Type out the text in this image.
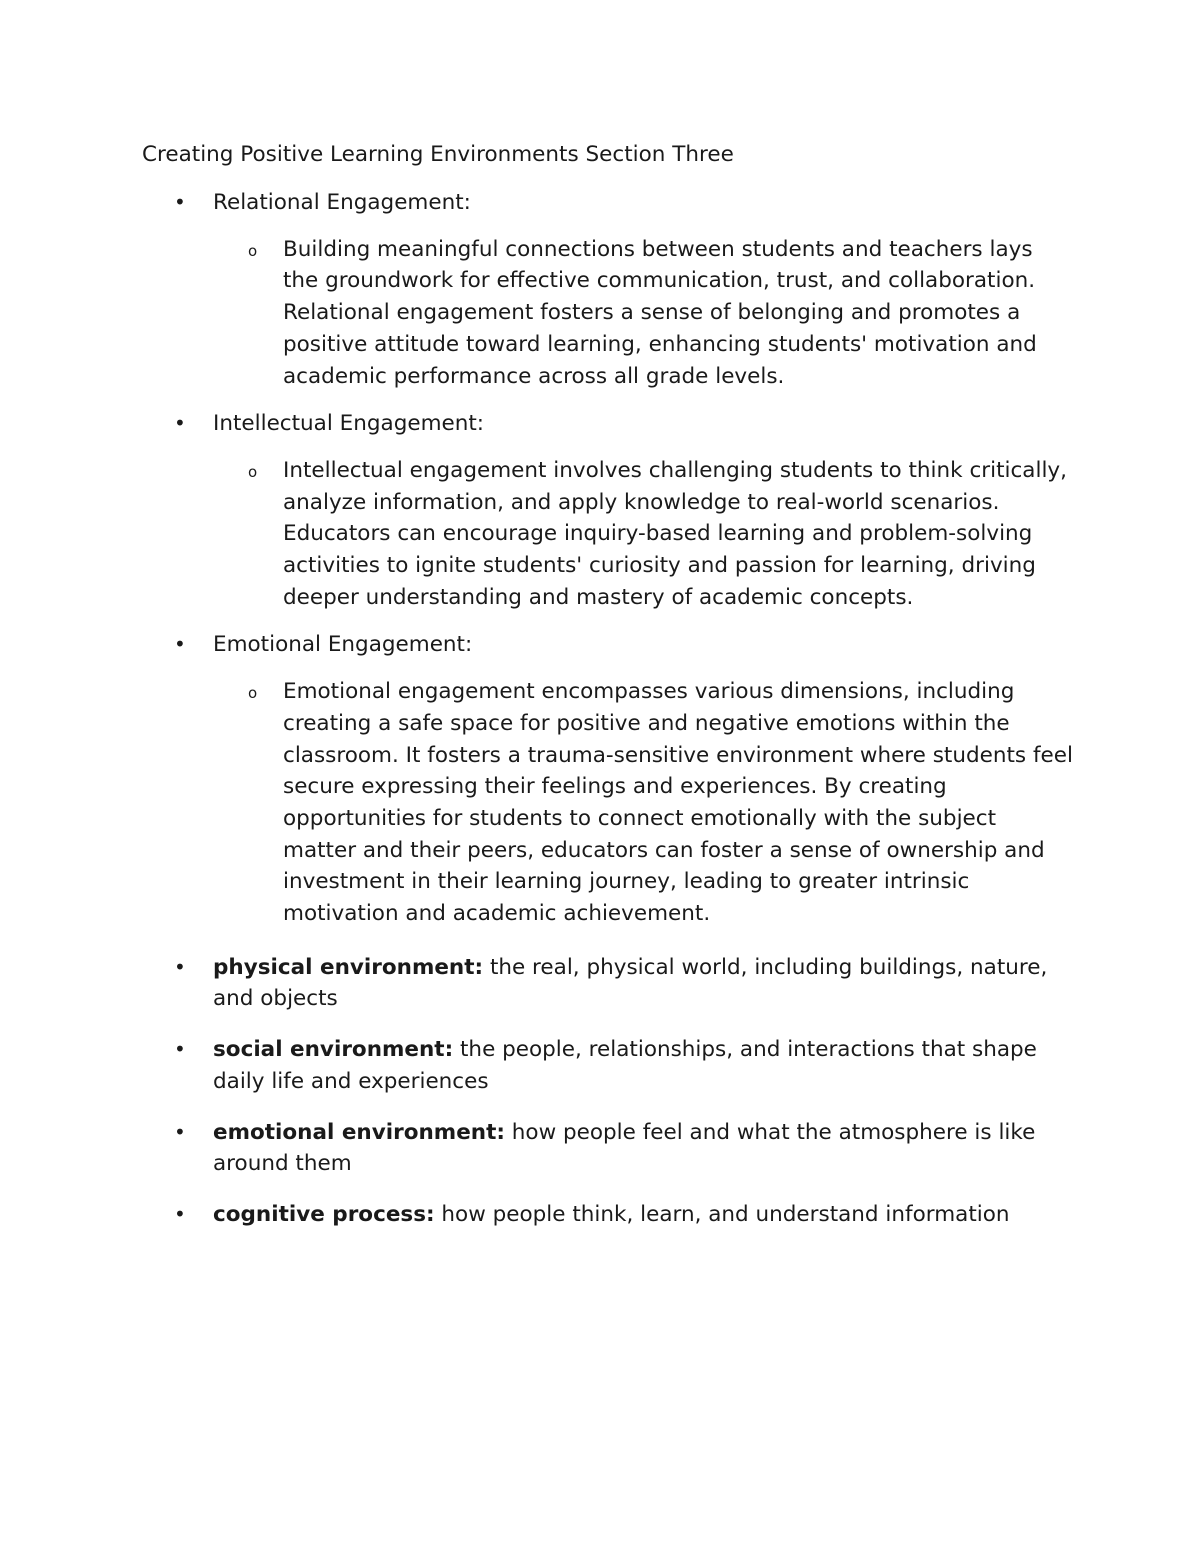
Creating Positive Learning Environments Section Three
• Relational Engagement:
o Building meaningful connections between students and teachers lays the groundwork for effective communication, trust, and collaboration. Relational engagement fosters a sense of belonging and promotes a positive attitude toward learning, enhancing students' motivation and academic performance across all grade levels.
• Intellectual Engagement:
o Intellectual engagement involves challenging students to think critically, analyze information, and apply knowledge to real-world scenarios. Educators can encourage inquiry-based learning and problem-solving activities to ignite students' curiosity and passion for learning, driving deeper understanding and mastery of academic concepts.
• Emotional Engagement:
o Emotional engagement encompasses various dimensions, including creating a safe space for positive and negative emotions within the classroom. It fosters a trauma-sensitive environment where students feel secure expressing their feelings and experiences. By creating opportunities for students to connect emotionally with the subject matter and their peers, educators can foster a sense of ownership and investment in their learning journey, leading to greater intrinsic motivation and academic achievement.
• physical environment: the real, physical world, including buildings, nature, and objects
• social environment: the people, relationships, and interactions that shape daily life and experiences
• emotional environment: how people feel and what the atmosphere is like around them
• cognitive process: how people think, learn, and understand information
